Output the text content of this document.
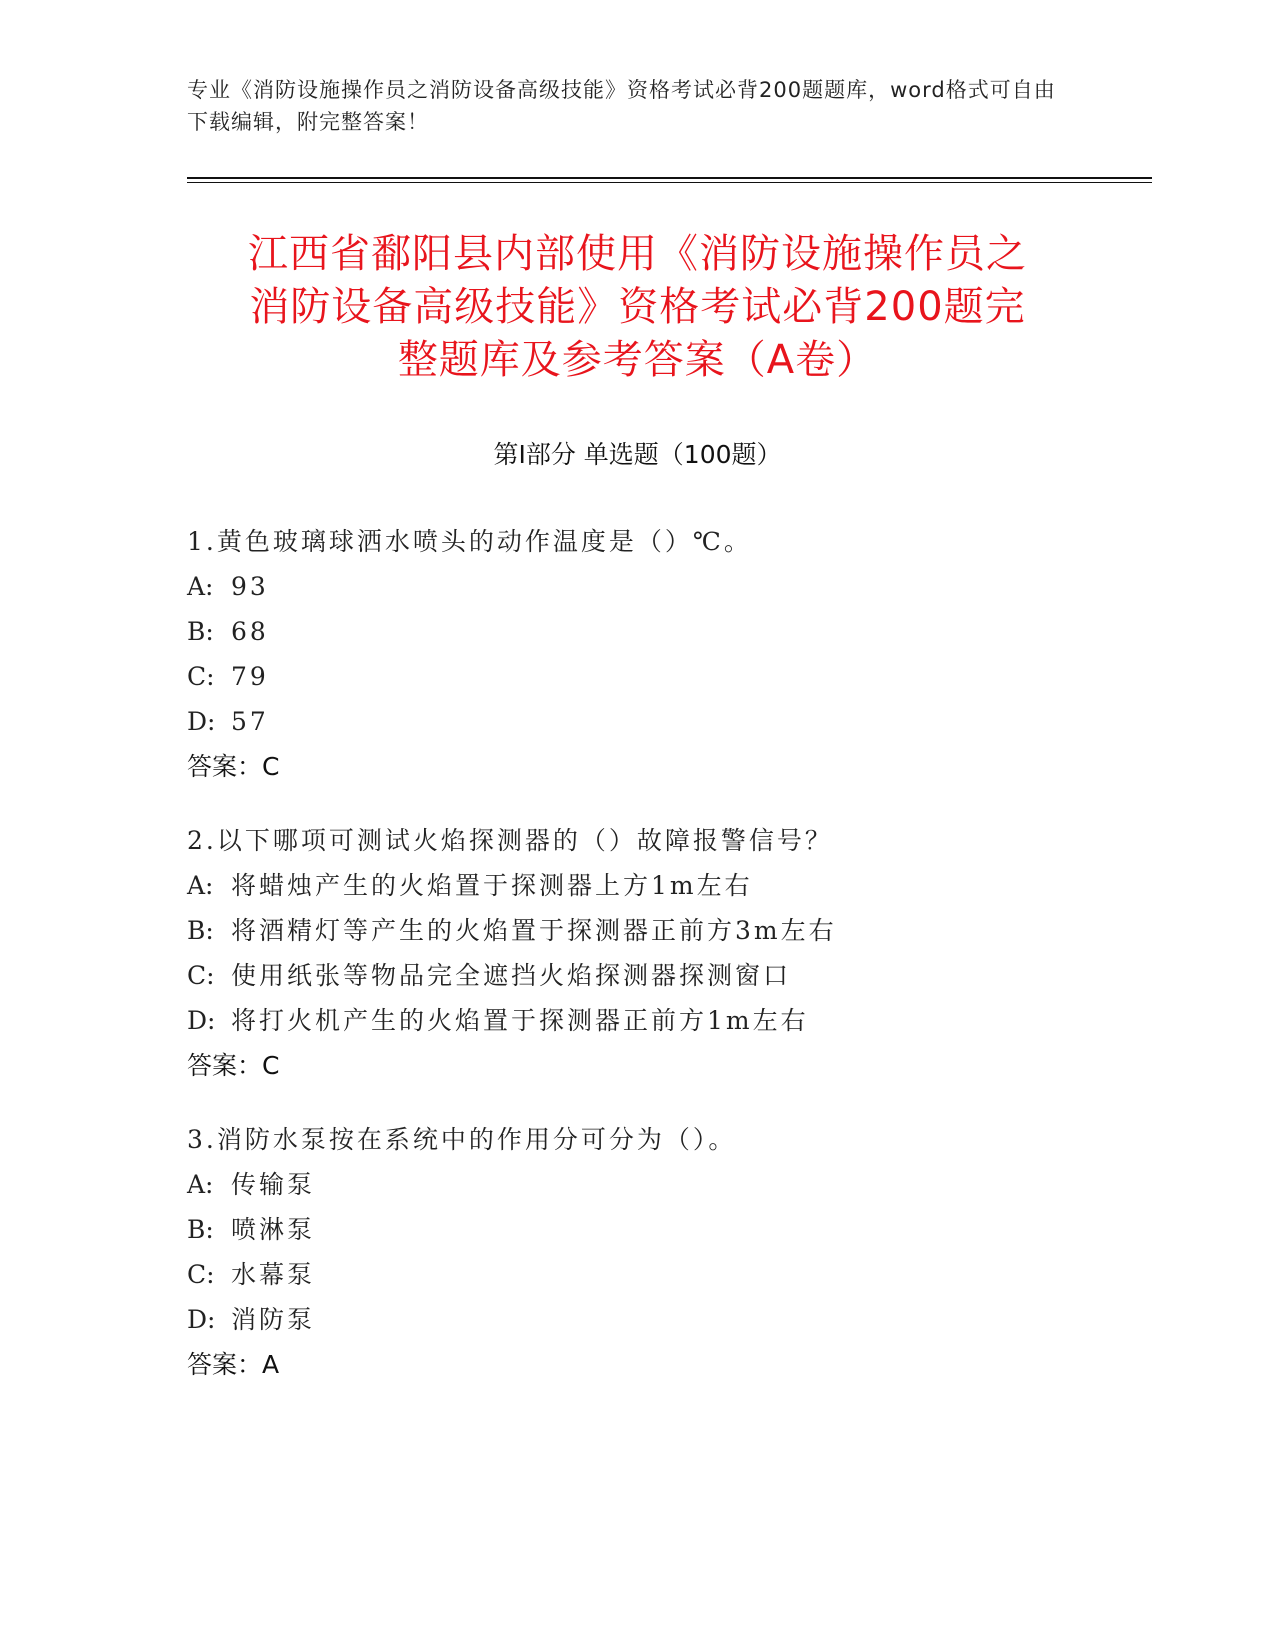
专业《消防设施操作员之消防设备高级技能》资格考试必背200题题库，word格式可自由下载编辑，附完整答案！
江西省鄱阳县内部使用《消防设施操作员之
消防设备高级技能》资格考试必背200题完
整题库及参考答案（A卷）
第Ⅰ部分 单选题（100题）
1.黄色玻璃球洒水喷头的动作温度是（）℃。
A: 93
B: 68
C: 79
D: 57
答案：C
2.以下哪项可测试火焰探测器的（）故障报警信号？
A: 将蜡烛产生的火焰置于探测器上方1m左右
B: 将酒精灯等产生的火焰置于探测器正前方3m左右
C: 使用纸张等物品完全遮挡火焰探测器探测窗口
D: 将打火机产生的火焰置于探测器正前方1m左右
答案：C
3.消防水泵按在系统中的作用分可分为（）。
A: 传输泵
B: 喷淋泵
C: 水幕泵
D: 消防泵
答案：A
